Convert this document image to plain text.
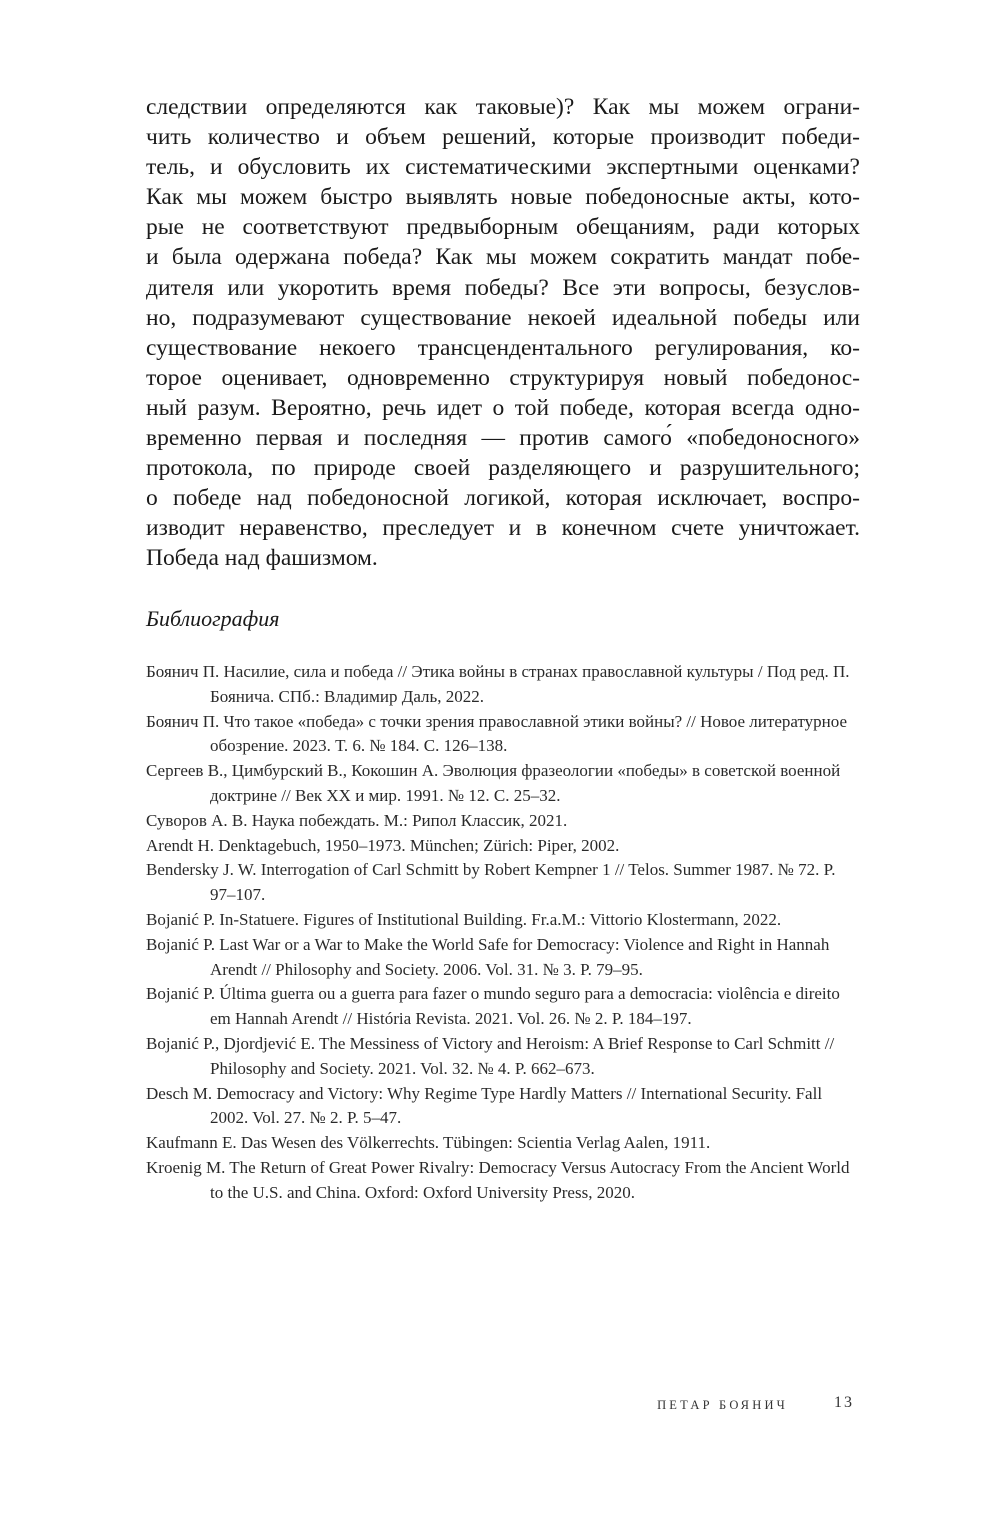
следствии определяются как таковые)? Как мы можем ограни-
чить количество и объем решений, которые производит победи-
тель, и обусловить их систематическими экспертными оценками?
Как мы можем быстро выявлять новые победоносные акты, кото-
рые не соответствуют предвыборным обещаниям, ради которых
и была одержана победа? Как мы можем сократить мандат побе-
дителя или укоротить время победы? Все эти вопросы, безуслов-
но, подразумевают существование некоей идеальной победы или
существование некоего трансцендентального регулирования, ко-
торое оценивает, одновременно структурируя новый победонос-
ный разум. Вероятно, речь идет о той победе, которая всегда одно-
временно первая и последняя — против самого́ «победоносного»
протокола, по природе своей разделяющего и разрушительного;
о победе над победоносной логикой, которая исключает, воспро-
изводит неравенство, преследует и в конечном счете уничтожает.
Победа над фашизмом.
Библиография
Боянич П. Насилие, сила и победа // Этика войны в странах православной культуры / Под ред. П. Боянича. СПб.: Владимир Даль, 2022.
Боянич П. Что такое «победа» с точки зрения православной этики войны? // Новое литературное обозрение. 2023. Т. 6. № 184. С. 126–138.
Сергеев В., Цимбурский В., Кокошин А. Эволюция фразеологии «победы» в советской военной доктрине // Век XX и мир. 1991. № 12. С. 25–32.
Суворов А. В. Наука побеждать. М.: Рипол Классик, 2021.
Arendt H. Denktagebuch, 1950–1973. München; Zürich: Piper, 2002.
Bendersky J. W. Interrogation of Carl Schmitt by Robert Kempner 1 // Telos. Summer 1987. № 72. P. 97–107.
Bojanić P. In-Statuere. Figures of Institutional Building. Fr.a.M.: Vittorio Klostermann, 2022.
Bojanić P. Last War or a War to Make the World Safe for Democracy: Violence and Right in Hannah Arendt // Philosophy and Society. 2006. Vol. 31. № 3. P. 79–95.
Bojanić P. Última guerra ou a guerra para fazer o mundo seguro para a democracia: violência e direito em Hannah Arendt // História Revista. 2021. Vol. 26. № 2. P. 184–197.
Bojanić P., Djordjević E. The Messiness of Victory and Heroism: A Brief Response to Carl Schmitt // Philosophy and Society. 2021. Vol. 32. № 4. P. 662–673.
Desch M. Democracy and Victory: Why Regime Type Hardly Matters // International Security. Fall 2002. Vol. 27. № 2. P. 5–47.
Kaufmann E. Das Wesen des Völkerrechts. Tübingen: Scientia Verlag Aalen, 1911.
Kroenig M. The Return of Great Power Rivalry: Democracy Versus Autocracy From the Ancient World to the U.S. and China. Oxford: Oxford University Press, 2020.
ПЕТАР БОЯНИЧ	13
